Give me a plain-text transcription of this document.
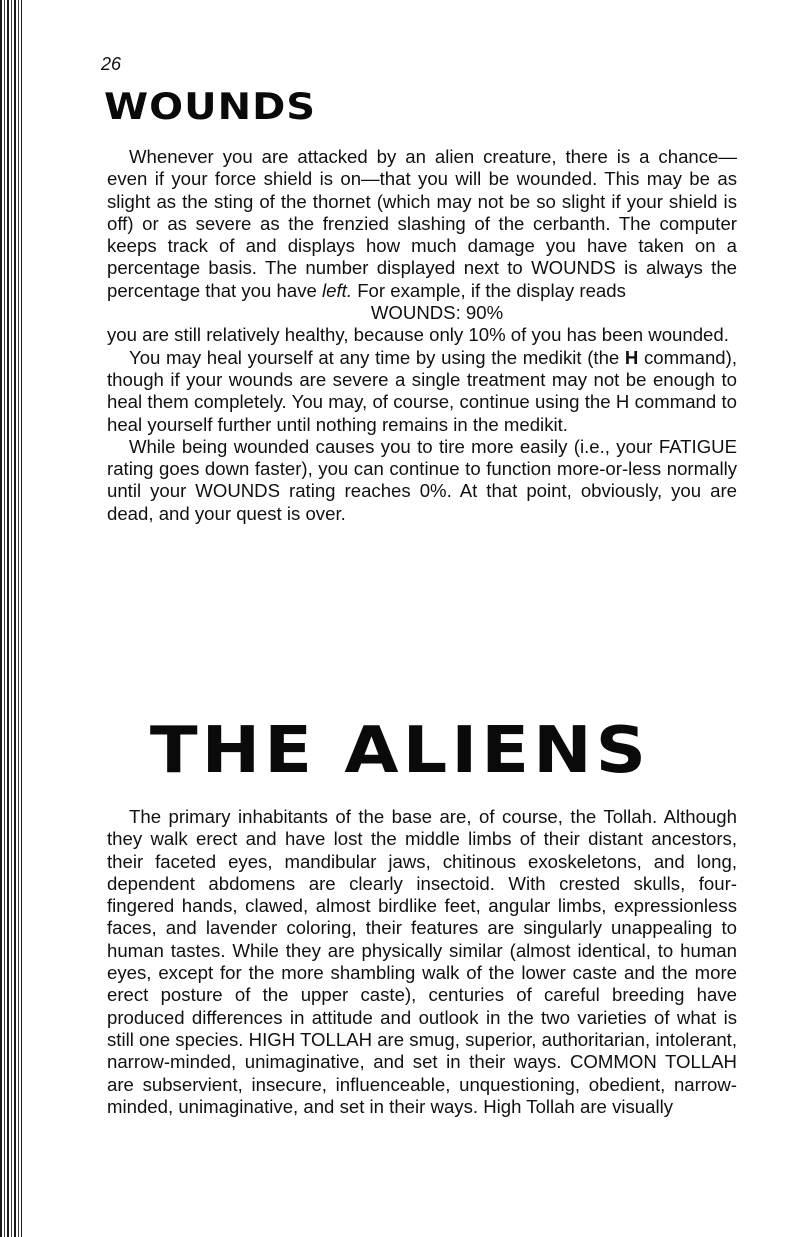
26
WOUNDS

Whenever you are attacked by an alien creature, there is a chance— even if your force shield is on—that you will be wounded. This may be as slight as the sting of the thornet (which may not be so slight if your shield is off) or as severe as the frenzied slashing of the cerbanth. The computer keeps track of and displays how much damage you have taken on a percentage basis. The number displayed next to WOUNDS is always the percentage that you have left. For example, if the display reads

WOUNDS: 90%

you are still relatively healthy, because only 10% of you has been wounded.

You may heal yourself at any time by using the medikit (the H command), though if your wounds are severe a single treatment may not be enough to heal them completely. You may, of course, continue using the H command to heal yourself further until nothing remains in the medikit.

While being wounded causes you to tire more easily (i.e., your FATIGUE rating goes down faster), you can continue to function more-or-less normally until your WOUNDS rating reaches 0%. At that point, obviously, you are dead, and your quest is over.

THE ALIENS

The primary inhabitants of the base are, of course, the Tollah. Although they walk erect and have lost the middle limbs of their distant ancestors, their faceted eyes, mandibular jaws, chitinous exoskeletons, and long, dependent abdomens are clearly insectoid. With crested skulls, four-fingered hands, clawed, almost birdlike feet, angular limbs, expressionless faces, and lavender coloring, their features are singularly unappealing to human tastes. While they are physically similar (almost identical, to human eyes, except for the more shambling walk of the lower caste and the more erect posture of the upper caste), centuries of careful breeding have produced differences in attitude and outlook in the two varieties of what is still one species. HIGH TOLLAH are smug, superior, authoritarian, intolerant, narrow-minded, unimaginative, and set in their ways. COMMON TOLLAH are subservient, insecure, influenceable, unquestioning, obedient, narrow-minded, unimaginative, and set in their ways. High Tollah are visually
